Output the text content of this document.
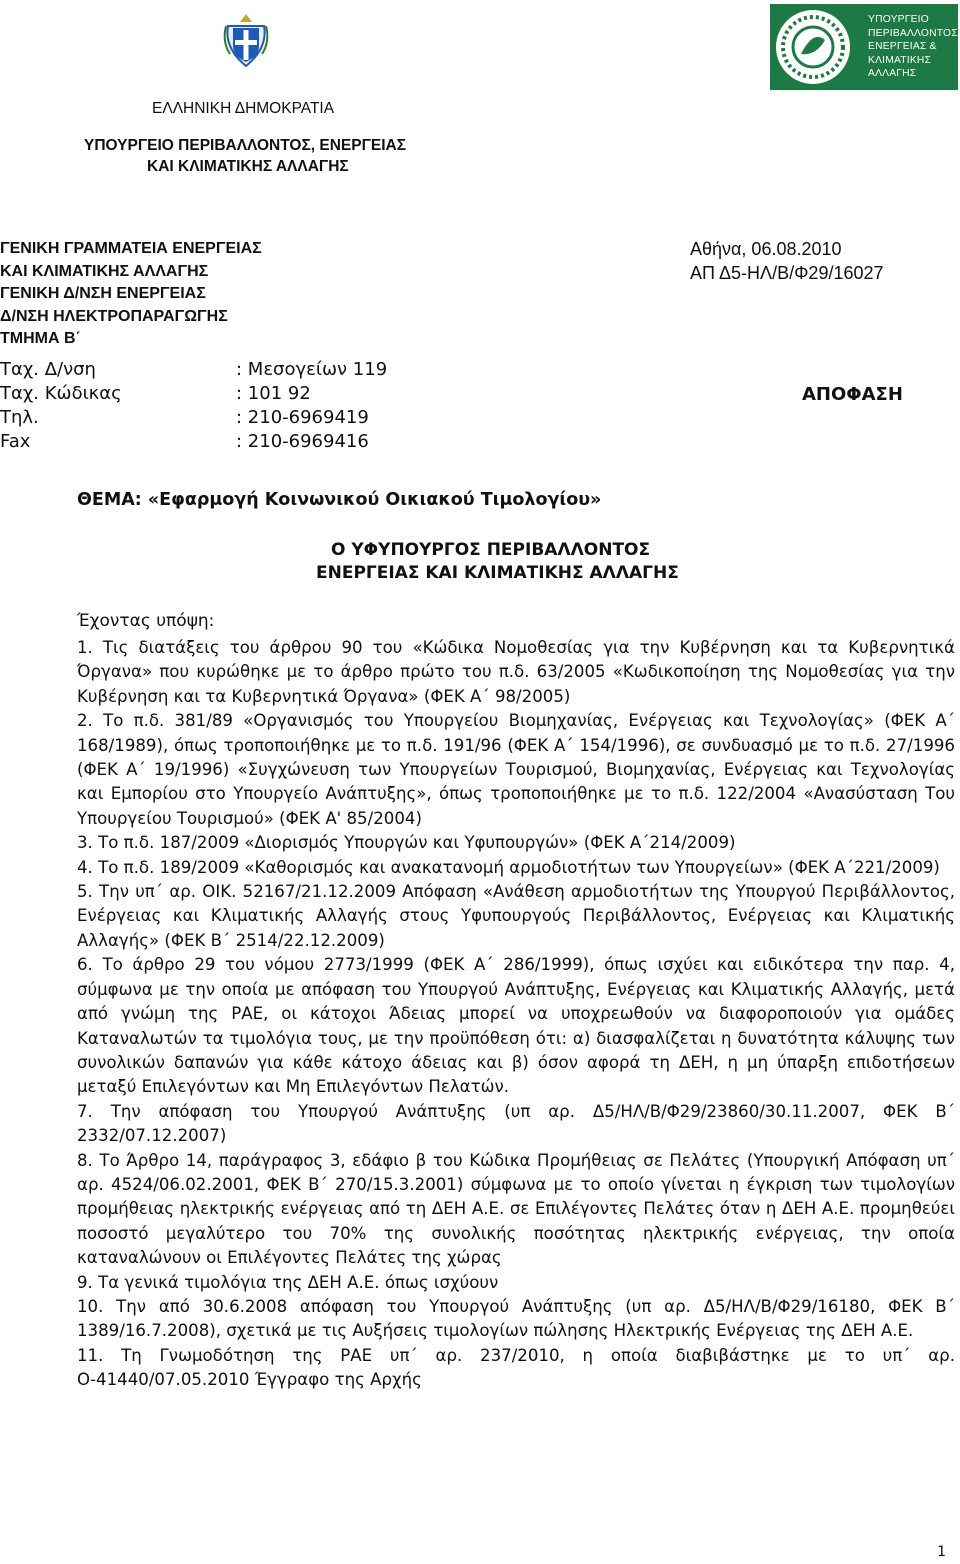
ΥΠΟΥΡΓΕΙΟ
ΠΕΡΙΒΑΛΛΟΝΤΟΣ
ΕΝΕΡΓΕΙΑΣ &
ΚΛΙΜΑΤΙΚΗΣ
ΑΛΛΑΓΗΣ
ΕΛΛΗΝΙΚΗ ΔΗΜΟΚΡΑΤΙΑ
ΥΠΟΥΡΓΕΙΟ ΠΕΡΙΒΑΛΛΟΝΤΟΣ, ΕΝΕΡΓΕΙΑΣ
ΚΑΙ ΚΛΙΜΑΤΙΚΗΣ ΑΛΛΑΓΗΣ
ΓΕΝΙΚΗ ΓΡΑΜΜΑΤΕΙΑ ΕΝΕΡΓΕΙΑΣ
ΚΑΙ ΚΛΙΜΑΤΙΚΗΣ ΑΛΛΑΓΗΣ
ΓΕΝΙΚΗ Δ/ΝΣΗ ΕΝΕΡΓΕΙΑΣ
Δ/ΝΣΗ ΗΛΕΚΤΡΟΠΑΡΑΓΩΓΗΣ
ΤΜΗΜΑ Β΄
Αθήνα, 06.08.2010
ΑΠ Δ5-ΗΛ/Β/Φ29/16027
Ταχ. Δ/νση	: Μεσογείων 119
Ταχ. Κώδικας	: 101 92
Τηλ.	: 210-6969419
Fax	: 210-6969416
ΑΠΟΦΑΣΗ
ΘΕΜΑ: «Εφαρμογή Κοινωνικού Οικιακού Τιμολογίου»
Ο ΥΦΥΠΟΥΡΓΟΣ ΠΕΡΙΒΑΛΛΟΝΤΟΣ
ΕΝΕΡΓΕΙΑΣ ΚΑΙ ΚΛΙΜΑΤΙΚΗΣ ΑΛΛΑΓΗΣ
Έχοντας υπόψη:

1. Τις διατάξεις του άρθρου 90 του «Κώδικα Νομοθεσίας για την Κυβέρνηση και τα Κυβερνητικά Όργανα» που κυρώθηκε με το άρθρο πρώτο του π.δ. 63/2005 «Κωδικοποίηση της Νομοθεσίας για την Κυβέρνηση και τα Κυβερνητικά Όργανα» (ΦΕΚ Α΄ 98/2005)

2. Το π.δ. 381/89 «Οργανισμός του Υπουργείου Βιομηχανίας, Ενέργειας και Τεχνολογίας» (ΦΕΚ Α΄ 168/1989), όπως τροποποιήθηκε με το π.δ. 191/96 (ΦΕΚ Α΄ 154/1996), σε συνδυασμό με το π.δ. 27/1996 (ΦΕΚ Α΄ 19/1996) «Συγχώνευση των Υπουργείων Τουρισμού, Βιομηχανίας, Ενέργειας και Τεχνολογίας και Εμπορίου στο Υπουργείο Ανάπτυξης», όπως τροποποιήθηκε με το π.δ. 122/2004 «Ανασύσταση Του Υπουργείου Τουρισμού» (ΦΕΚ Α' 85/2004)

3. Το π.δ. 187/2009 «Διορισμός Υπουργών και Υφυπουργών» (ΦΕΚ Α΄214/2009)

4. Το π.δ. 189/2009 «Καθορισμός και ανακατανομή αρμοδιοτήτων των Υπουργείων» (ΦΕΚ Α΄221/2009)

5. Την υπ΄ αρ. ΟΙΚ. 52167/21.12.2009 Απόφαση «Ανάθεση αρμοδιοτήτων της Υπουργού Περιβάλλοντος, Ενέργειας και Κλιματικής Αλλαγής στους Υφυπουργούς Περιβάλλοντος, Ενέργειας και Κλιματικής Αλλαγής» (ΦΕΚ Β΄ 2514/22.12.2009)

6. Το άρθρο 29 του νόμου 2773/1999 (ΦΕΚ Α΄ 286/1999), όπως ισχύει και ειδικότερα την παρ. 4, σύμφωνα με την οποία με απόφαση του Υπουργού Ανάπτυξης, Ενέργειας και Κλιματικής Αλλαγής, μετά από γνώμη της ΡΑΕ, οι κάτοχοι Άδειας μπορεί να υποχρεωθούν να διαφοροποιούν για ομάδες Καταναλωτών τα τιμολόγια τους, με την προϋπόθεση ότι: α) διασφαλίζεται η δυνατότητα κάλυψης των συνολικών δαπανών για κάθε κάτοχο άδειας και β) όσον αφορά τη ΔΕΗ, η μη ύπαρξη επιδοτήσεων μεταξύ Επιλεγόντων και Μη Επιλεγόντων Πελατών.

7. Την απόφαση του Υπουργού Ανάπτυξης (υπ αρ. Δ5/ΗΛ/Β/Φ29/23860/30.11.2007, ΦΕΚ Β΄ 2332/07.12.2007)

8. Το Άρθρο 14, παράγραφος 3, εδάφιο β του Κώδικα Προμήθειας σε Πελάτες (Υπουργική Απόφαση υπ΄ αρ. 4524/06.02.2001, ΦΕΚ Β΄ 270/15.3.2001) σύμφωνα με το οποίο γίνεται η έγκριση των τιμολογίων προμήθειας ηλεκτρικής ενέργειας από τη ΔΕΗ Α.Ε. σε Επιλέγοντες Πελάτες όταν η ΔΕΗ Α.Ε. προμηθεύει ποσοστό μεγαλύτερο του 70% της συνολικής ποσότητας ηλεκτρικής ενέργειας, την οποία καταναλώνουν οι Επιλέγοντες Πελάτες της χώρας

9. Τα γενικά τιμολόγια της ΔΕΗ Α.Ε. όπως ισχύουν

10. Την από 30.6.2008 απόφαση του Υπουργού Ανάπτυξης (υπ αρ. Δ5/ΗΛ/Β/Φ29/16180, ΦΕΚ Β΄ 1389/16.7.2008), σχετικά με τις Αυξήσεις τιμολογίων πώλησης Ηλεκτρικής Ενέργειας της ΔΕΗ Α.Ε.

11. Τη Γνωμοδότηση της ΡΑΕ υπ΄ αρ. 237/2010, η οποία διαβιβάστηκε με το υπ΄ αρ. Ο-41440/07.05.2010 Έγγραφο της Αρχής

1
